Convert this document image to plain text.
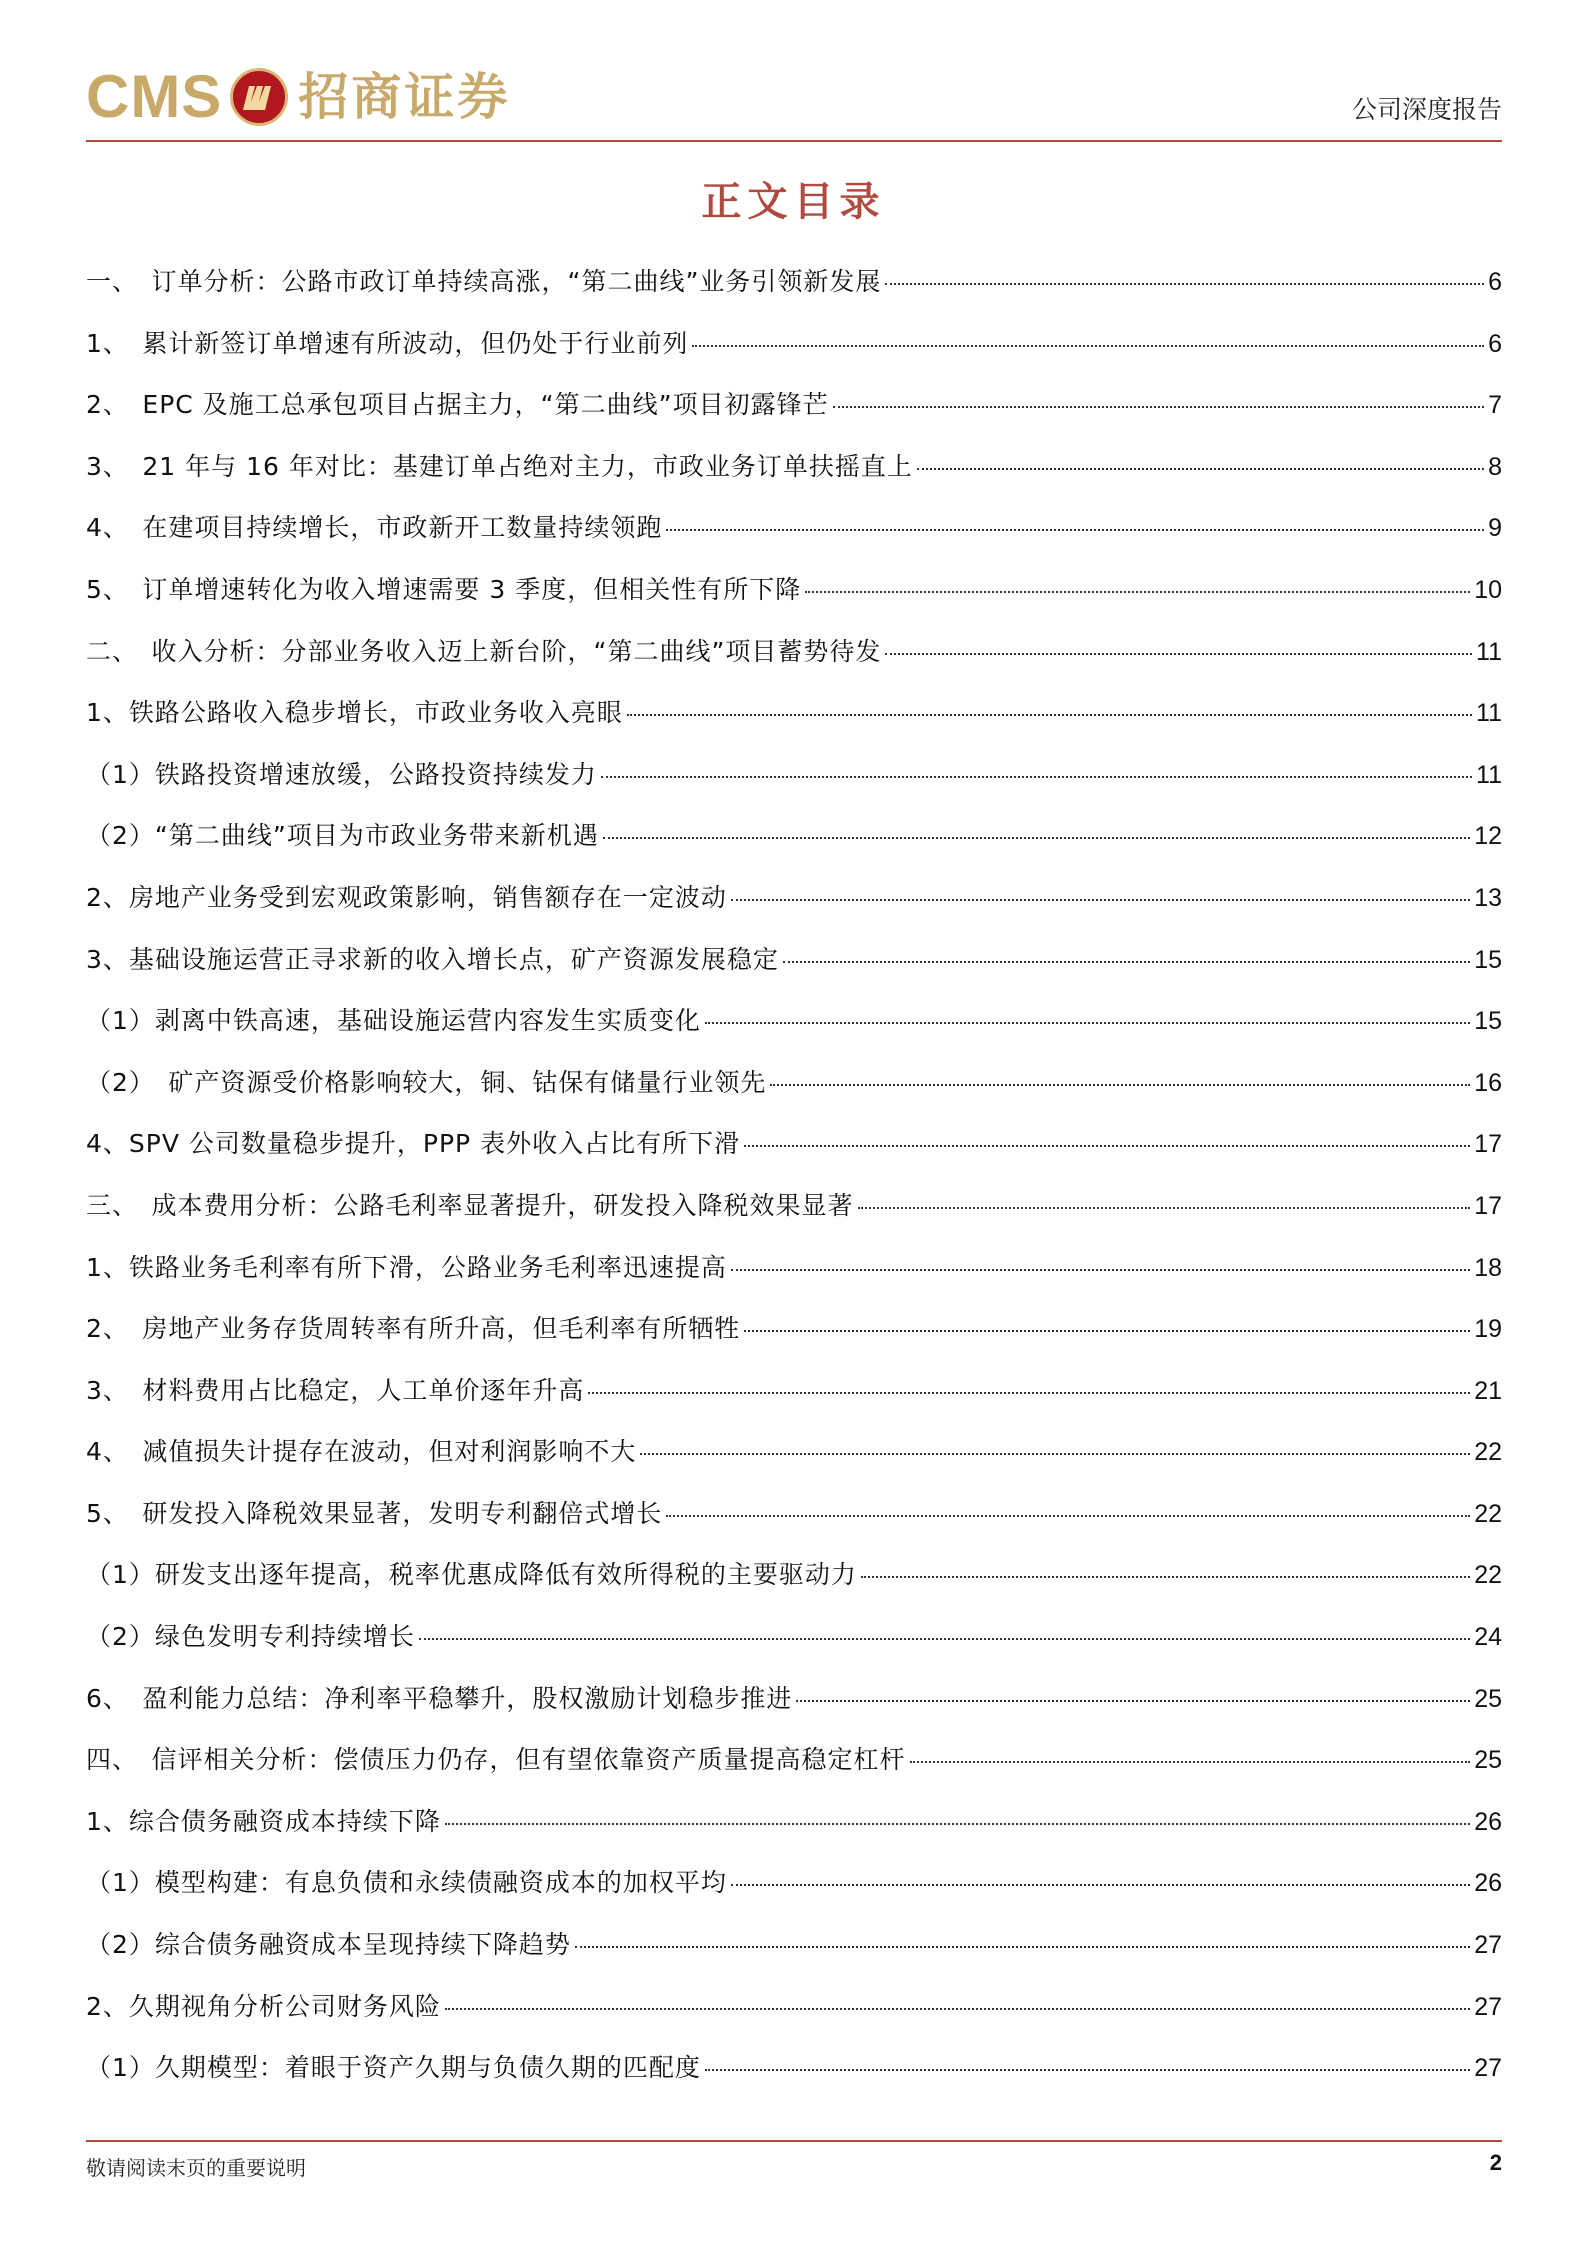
CMS 招商证券	公司深度报告
正文目录
一、　订单分析：公路市政订单持续高涨，“第二曲线”业务引领新发展	6
1、　累计新签订单增速有所波动，但仍处于行业前列	6
2、　EPC 及施工总承包项目占据主力，“第二曲线”项目初露锋芒	7
3、　21 年与 16 年对比：基建订单占绝对主力，市政业务订单扶摇直上	8
4、　在建项目持续增长，市政新开工数量持续领跑	9
5、　订单增速转化为收入增速需要 3 季度，但相关性有所下降	10
二、　收入分析：分部业务收入迈上新台阶，“第二曲线”项目蓄势待发	11
1、铁路公路收入稳步增长，市政业务收入亮眼	11
（1）铁路投资增速放缓，公路投资持续发力	11
（2）“第二曲线”项目为市政业务带来新机遇	12
2、房地产业务受到宏观政策影响，销售额存在一定波动	13
3、基础设施运营正寻求新的收入增长点，矿产资源发展稳定	15
（1）剥离中铁高速，基础设施运营内容发生实质变化	15
（2）　矿产资源受价格影响较大，铜、钴保有储量行业领先	16
4、SPV 公司数量稳步提升，PPP 表外收入占比有所下滑	17
三、　成本费用分析：公路毛利率显著提升，研发投入降税效果显著	17
1、铁路业务毛利率有所下滑，公路业务毛利率迅速提高	18
2、　房地产业务存货周转率有所升高，但毛利率有所牺牲	19
3、　材料费用占比稳定，人工单价逐年升高	21
4、　减值损失计提存在波动，但对利润影响不大	22
5、　研发投入降税效果显著，发明专利翻倍式增长	22
（1）研发支出逐年提高，税率优惠成降低有效所得税的主要驱动力	22
（2）绿色发明专利持续增长	24
6、　盈利能力总结：净利率平稳攀升，股权激励计划稳步推进	25
四、　信评相关分析：偿债压力仍存，但有望依靠资产质量提高稳定杠杆	25
1、综合债务融资成本持续下降	26
（1）模型构建：有息负债和永续债融资成本的加权平均	26
（2）综合债务融资成本呈现持续下降趋势	27
2、久期视角分析公司财务风险	27
（1）久期模型：着眼于资产久期与负债久期的匹配度	27
敬请阅读末页的重要说明	2
